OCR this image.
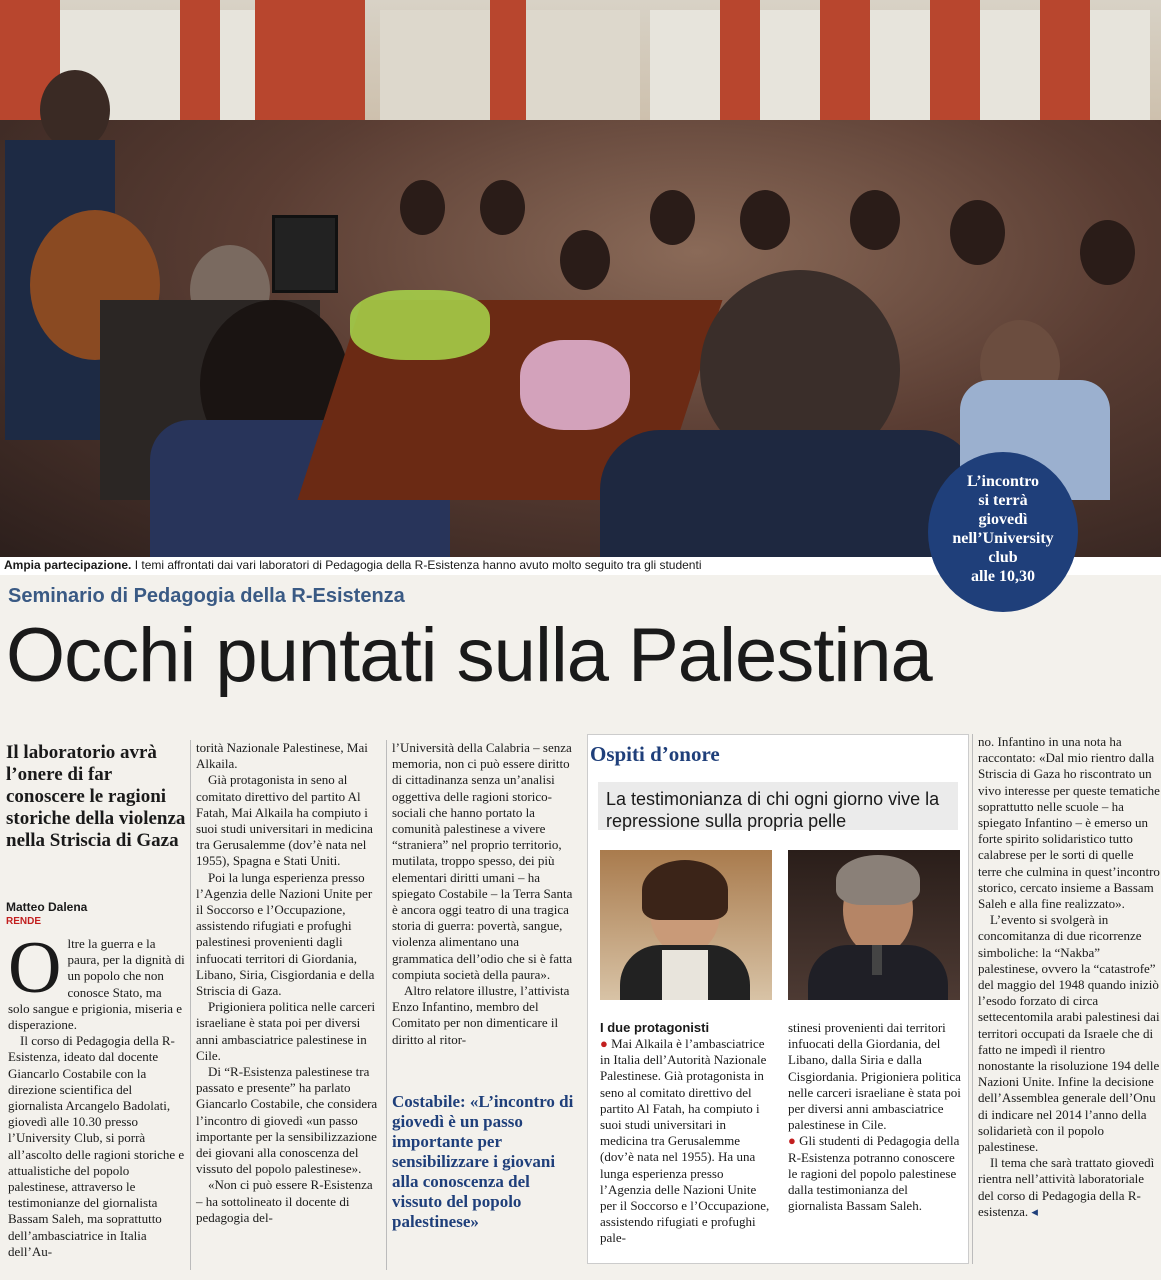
Ampia partecipazione. I temi affrontati dai vari laboratori di Pedagogia della R-Esistenza hanno avuto molto seguito tra gli studenti
L’incontro
si terrà
giovedì
nell’University
club
alle 10,30
Seminario di Pedagogia della R-Esistenza
Occhi puntati sulla Palestina
Il laboratorio avrà l’onere di far conoscere le ragioni storiche della violenza nella Striscia di Gaza
Matteo Dalena
RENDE
O ltre la guerra e la paura, per la dignità di un popolo che non conosce Stato, ma solo sangue e prigionia, miseria e disperazione.

Il corso di Pedagogia della R-Esistenza, ideato dal docente Giancarlo Costabile con la direzione scientifica del giornalista Arcangelo Badolati, giovedì alle 10.30 presso l’University Club, si porrà all’ascolto delle ragioni storiche e attualistiche del popolo palestinese, attraverso le testimonianze del giornalista Bassam Saleh, ma soprattutto dell’ambasciatrice in Italia dell’Au-

torità Nazionale Palestinese, Mai Alkaila.

Già protagonista in seno al comitato direttivo del partito Al Fatah, Mai Alkaila ha compiuto i suoi studi universitari in medicina tra Gerusalemme (dov’è nata nel 1955), Spagna e Stati Uniti.

Poi la lunga esperienza presso l’Agenzia delle Nazioni Unite per il Soccorso e l’Occupazione, assistendo rifugiati e profughi palestinesi provenienti dagli infuocati territori di Giordania, Libano, Siria, Cisgiordania e della Striscia di Gaza.

Prigioniera politica nelle carceri israeliane è stata poi per diversi anni ambasciatrice palestinese in Cile.

Di “R-Esistenza palestinese tra passato e presente” ha parlato Giancarlo Costabile, che considera l’incontro di giovedì «un passo importante per la sensibilizzazione dei giovani alla conoscenza del vissuto del popolo palestinese».

«Non ci può essere R-Esistenza – ha sottolineato il docente di pedagogia del-

l’Università della Calabria – senza memoria, non ci può essere diritto di cittadinanza senza un’analisi oggettiva delle ragioni storico-sociali che hanno portato la comunità palestinese a vivere “straniera” nel proprio territorio, mutilata, troppo spesso, dei più elementari diritti umani – ha spiegato Costabile – la Terra Santa è ancora oggi teatro di una tragica storia di guerra: povertà, sangue, violenza alimentano una grammatica dell’odio che si è fatta compiuta società della paura».

Altro relatore illustre, l’attivista Enzo Infantino, membro del Comitato per non dimenticare il diritto al ritor-

Costabile: «L’incontro di giovedì è un passo importante per sensibilizzare i giovani alla conoscenza del vissuto del popolo palestinese»
Ospiti d’onore
La testimonianza di chi ogni giorno vive la repressione sulla propria pelle
I due protagonisti

● Mai Alkaila è l’ambasciatrice in Italia dell’Autorità Nazionale Palestinese. Già protagonista in seno al comitato direttivo del partito Al Fatah, ha compiuto i suoi studi universitari in medicina tra Gerusalemme (dov’è nata nel 1955). Ha una lunga esperienza presso l’Agenzia delle Nazioni Unite per il Soccorso e l’Occupazione, assistendo rifugiati e profughi pale-

stinesi provenienti dai territori infuocati della Giordania, del Libano, dalla Siria e dalla Cisgiordania. Prigioniera politica nelle carceri israeliane è stata poi per diversi anni ambasciatrice palestinese in Cile.

● Gli studenti di Pedagogia della R-Esistenza potranno conoscere le ragioni del popolo palestinese dalla testimonianza del giornalista Bassam Saleh.

no. Infantino in una nota ha raccontato: «Dal mio rientro dalla Striscia di Gaza ho riscontrato un vivo interesse per queste tematiche soprattutto nelle scuole – ha spiegato Infantino – è emerso un forte spirito solidaristico tutto calabrese per le sorti di quelle terre che culmina in quest’incontro storico, cercato insieme a Bassam Saleh e alla fine realizzato».

L’evento si svolgerà in concomitanza di due ricorrenze simboliche: la “Nakba” palestinese, ovvero la “catastrofe” del maggio del 1948 quando iniziò l’esodo forzato di circa settecentomila arabi palestinesi dai territori occupati da Israele che di fatto ne impedì il rientro nonostante la risoluzione 194 delle Nazioni Unite. Infine la decisione dell’Assemblea generale dell’Onu di indicare nel 2014 l’anno della solidarietà con il popolo palestinese.

Il tema che sarà trattato giovedì rientra nell’attività laboratoriale del corso di Pedagogia della R-esistenza. ◂
